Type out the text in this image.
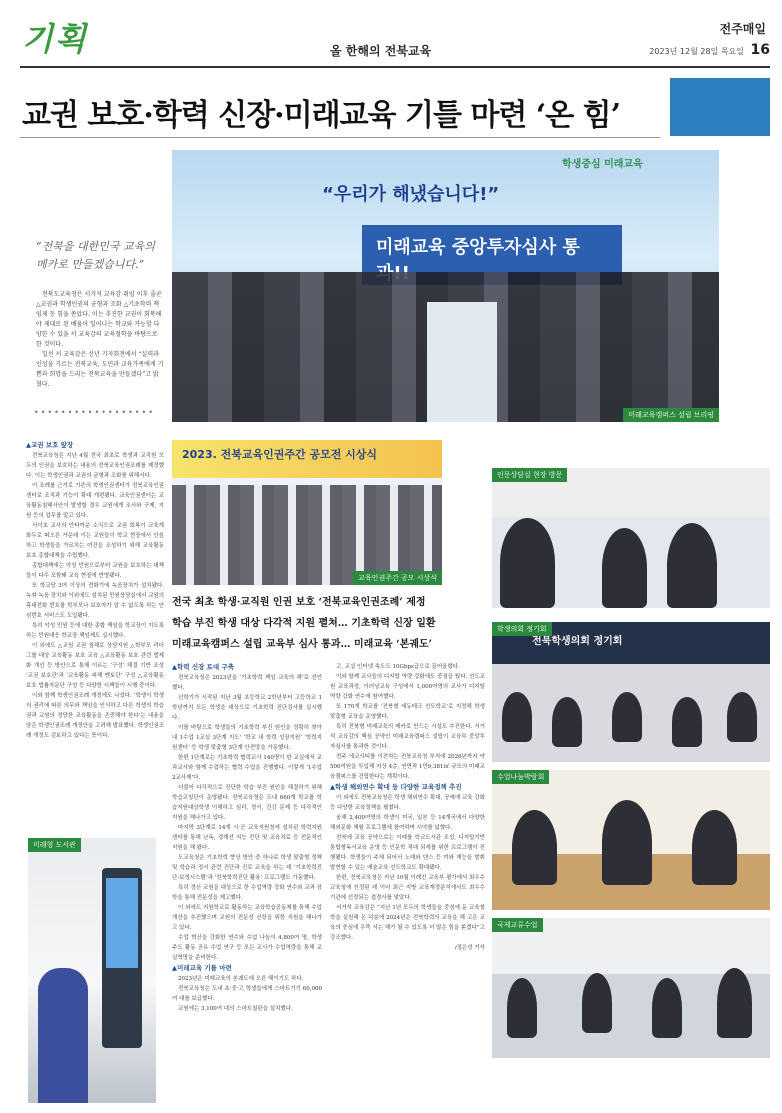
기획	올 한해의 전북교육
전주매일
2023년 12월 28일 목요일 16
교권 보호·학력 신장·미래교육 기틀 마련 ‘온 힘’
학생중심 미래교육
“우리가 해냈습니다!”
미래교육 중앙투자심사 통
미래교육캠퍼스 설립 브리핑
“전북을 대한민국 교육의 메카로 만들겠습니다.”

전북도교육청은 서거석 교육감 취임 이후 줄곧 △교권과 학생인권의 균형과 조화 △기초학력 책임제 등 힘을 쏟았다. 이는 추진한 교권이 회복해야 제대로 된 배움이 일어나는 학교와 가능할 다양한 수 있을 서 교육감의 교육철학을 바탕으로 한 것이다.

일선 서 교육감은 신년 기자회견에서 “실력과 인성을 기르는 전북교육, 도민과 교육가족에게 기쁨과 희망을 드리는 전북교육을 만들겠다”고 밝혔다.

••••••••••••••••••
2023. 전북교육인권주간 공모전 시상식
교육인권주간 공모 시상식
전국 최초 학생·교직원 인권 보호 ‘전북교육인권조례’ 제정
학습 부진 학생 대상 다각적 지원 펼쳐… 기초학력 신장 일환
미래교육캠퍼스 설립 교육부 심사 통과… 미래교육 ‘본궤도’
▲교권 보호 앞장

전북교육청은 지난 4월 전국 최초로 학생과 교직원 모두의 인권을 보호하는 내용의 전북교육인권조례를 제정했다. 이는 학생인권과 교권의 균형과 조화를 위해서다.

이 조례를 근거로 기존의 학생인권센터가 전북교육인권센터로 조직과 기능이 확대 개편됐다. 교육인권센터는 교육활동침해사안이 발생할 경우 교원에게 조사와 구제, 지원 등의 업무를 맡고 있다.

서이초 교사의 안타까운 소식으로 교권 회복이 교육계 화두로 떠오른 가운데 이는 교원들이 학교 현장에서 안심하고 학생들을 가르치는 여건을 조성하기 위해 교육활동 보호 종합대책을 수립했다.

종합대책에는 악성 민원으로부터 교원을 보호하는 대책들이 다수 포함돼 교육 현장에 반영됐다.

또 학교당 3여 이상의 전화기에 녹음장치가 설치됐다. 녹취·녹음 장치와 이외에도 설치된 민원상담실에서 교원의 휴대전화 번호를 학부모나 보호자가 알 수 없도록 하는 안심번호 서비스도 도입됐다.

특히 악성 민원 등에 대한 종합 책임을 학교장이 지도록 하는 민원대응 학교장 책임제도 실시했다.

이 외에도 △교원 교권 침해로 상담지원 △학부모 리더그룹 대상 교육활동 보호 교육 △교육활동 보호 관련 법제화 개선 등 방안으로 통해 이르는 ‘구성’ 해결 기반 조성 ‘교권 보호관’과 ‘교육활동 피해 멘토단’ 구성 △교육활동 보호 법률자문단 구성 등 다양한 시책들이 시행 중이다.

이와 함께 학생인권조례 개정에도 나섰다. ‘학생이 학생의 권리에 따른 의무와 책임을 인식하고 다른 학생의 학습권과 교원의 정당한 교육활동을 존중해야 한다’는 내용을 담은 학생인권조례 개정안을 고려해 발표했다. 학생인권조례 개정도 검토하고 있다는 뜻이다.

미래형 도서관
▲학력 신장 토대 구축

전북교육청은 2023년을 ‘기초학력 책임 교육의 해’로 선언했다.

신학기가 시작된 지난 3월 초등학교 2학년부터 고등학교 1학년까지 모든 학생을 대상으로 기초학력 진단검사를 실시했다.

이를 바탕으로 학생들의 기초학력 부진 원인을 정확히 찾아내 1수업 1교실 3단계 지도’ ‘학교 내 학력 성장지원’ ‘학력지원센터’ 등 학생 맞춤형 3단계 안전망을 가동했다.

한편 1단계로는 기초학력 협력교사 140명이 한 교실에서 교과교사와 함께 수업하는 협력 수업을 진행했다. 이렇게 ‘1수업 2교사제’다.

더불어 다각적으로 진단한 학습 부진 원인을 해결하기 위해 학습코칭단이 운영됐다. 전북교육청은 도내 660개 학교를 학습지원대상학생 이해하고 심리, 정서, 건강 문제 등 다각적인 지원을 해나가고 있다.

마지막 3단계로 14개 시·군 교육지원청에 설치된 학력지원센터를 통해 난독, 경계선 지능 진단 및 교육치료 등 전문적인 지원을 해 왔다.

도교육청은 기초학력 향상 방안 중 하나로 학생 맞춤형 정책 및 학습과 정서 관련 진단과 진로 교육을 하는 데 ‘기초학력진단-보정시스템’과 ‘전북학력진단 활용’ 프로그램도 가동했다.

특히 정신 교원을 대상으로 한 수업역량 강화 연수와 교과 장학을 통해 전문성을 제고했다.

이 외에도 지원학교로 활동하는 교육학습공동체를 통해 수업 개선을 추진했으며 교원의 전문성 신장을 위한 지원을 해나가고 있다.

수업 혁신을 강화한 연수와 수업 나눔이 4,800여 명, 학생 주도 활동 공유 수업 연구 등 모든 교사가 수업역량을 통해 교실혁명을 준비한다.

▲미래교육 기틀 마련

2023년은 미래교육의 본궤도에 오른 해이기도 하다.

전북교육청은 도내 초·중·고 학생들에게 스마트기기 60,000여 대를 보급했다.

교원에는 3,100여 대의 스마트칠판을 설치했다.

고, 교실 인터넷 속도도 10Gbps급으로 끌어올렸다.

이와 함께 교사들의 디지털 역량 강화에도 중점을 뒀다. 선도교원 교육과정, 이러닝교육 구성에서 1,000여명의 교사가 디지털 역량 강화 연수에 참여했다.

또 170개 학교를 ‘전북형 에듀테크 선도학교’로 지정해 학생 맞춤형 교육을 운영했다.

특히 전북형 미래교육의 메카로 만드는 시설도 추진한다. 서거석 교육감의 핵심 공약인 미래교육캠퍼스 설립이 교육부 중앙투자심사를 통과한 것이다.

전주 에코시티를 이전하는 전북교육청 부지에 2026년까지 약 500억원을 투입해 지상 4층, 연면적 1만9,381㎡ 규모의 미래교육캠퍼스를 건립한다는 계획이다.

▲학생 해외연수 확대 등 다양한 교육정책 추진

이 외에도 전북교육청은 학생 해외연수 확대, 공예에 교육 강화 등 다양한 교육정책을 펼쳤다.

올해 2,400여명의 학생이 미국, 일본 등 14개국에서 다양한 해외문화 체험 프로그램에 참여하며 시야를 넓혔다.

전북에 교육 공약으로는 이레를 학교도서관 조성, 디지털기반통합형독서교육 운영 등 인문학 적대 되세를 위한 프로그램이 진행됐다. 학생들이 주체 되어서 노래와 댄스 등 끼와 재능을 발휘 발현할 수 있는 예술교육 선도학교도 확대됐다.

한편, 전북교육청은 지난 10월 이례진 교육부 평가에서 최우수 교육청에 선정된 데 이어 최근 지방 교육재정분석에서도 최우수 기관에 선정되는 겹경사를 맞았다.

서거석 교육감은 “지난 1년 모두의 학생들을 중심에 둔 교육철학을 실천해 온 덕분에 2024년은 전북학력의 교육을 해 고은 교육의 중심에 우뚝 서는 해가 될 수 있도록 더 많은 힘을 쏟겠다”고 강조했다.

/정은성 기자

인문상담실 현장 방문
전북학생의회 정기회
학생의회 정기회
수업나눔박람회
국제교류수업
